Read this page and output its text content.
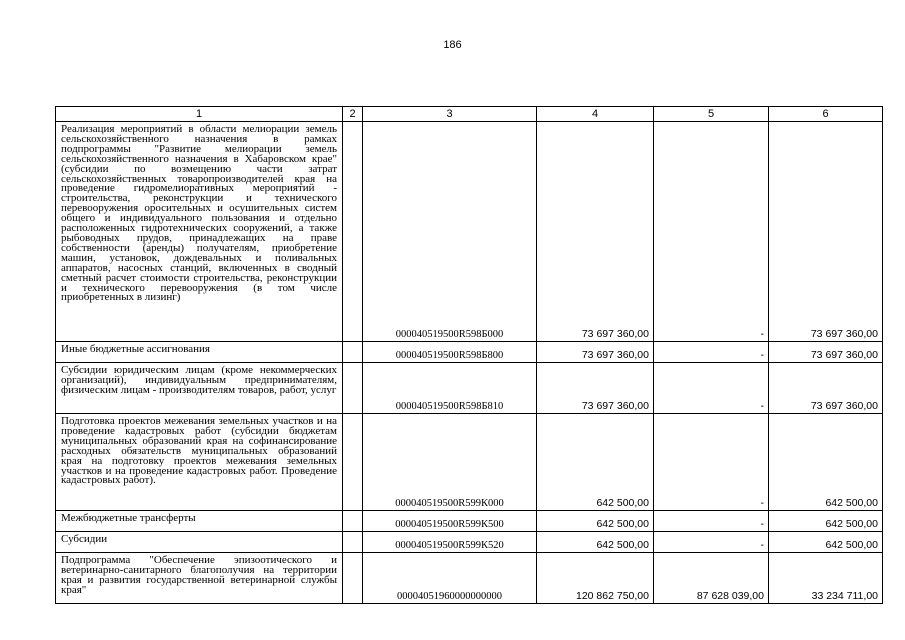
186
1	2	3	4	5	6
Реализация мероприятий в области мелиорации земель сельскохозяйственного назначения в рамках подпрограммы "Развитие мелиорации земель сельскохозяйственного назначения в Хабаровском крае" (субсидии по возмещению части затрат сельскохозяйственных товаропроизводителей края на проведение гидромелиоративных мероприятий - строительства, реконструкции и технического перевооружения оросительных и осушительных систем общего и индивидуального пользования и отдельно расположенных гидротехнических сооружений, а также рыбоводных прудов, принадлежащих на праве собственности (аренды) получателям, приобретение машин, установок, дождевальных и поливальных аппаратов, насосных станций, включенных в сводный сметный расчет стоимости строительства, реконструкции и технического перевооружения (в том числе приобретенных в лизинг)		000040519500R598Б000	73 697 360,00	-	73 697 360,00
Иные бюджетные ассигнования		000040519500R598Б800	73 697 360,00	-	73 697 360,00
Субсидии юридическим лицам (кроме некоммерческих организаций), индивидуальным предпринимателям, физическим лицам - производителям товаров, работ, услуг		000040519500R598Б810	73 697 360,00	-	73 697 360,00
Подготовка проектов межевания земельных участков и на проведение кадастровых работ (субсидии бюджетам муниципальных образований края на софинансирование расходных обязательств муниципальных образований края на подготовку проектов межевания земельных участков и на проведение кадастровых работ. Проведение кадастровых работ).		000040519500R599К000	642 500,00	-	642 500,00
Межбюджетные трансферты		000040519500R599К500	642 500,00	-	642 500,00
Субсидии		000040519500R599К520	642 500,00	-	642 500,00
Подпрограмма "Обеспечение эпизоотического и ветеринарно-санитарного благополучия на территории края и развития государственной ветеринарной службы края"		00004051960000000000	120 862 750,00	87 628 039,00	33 234 711,00
